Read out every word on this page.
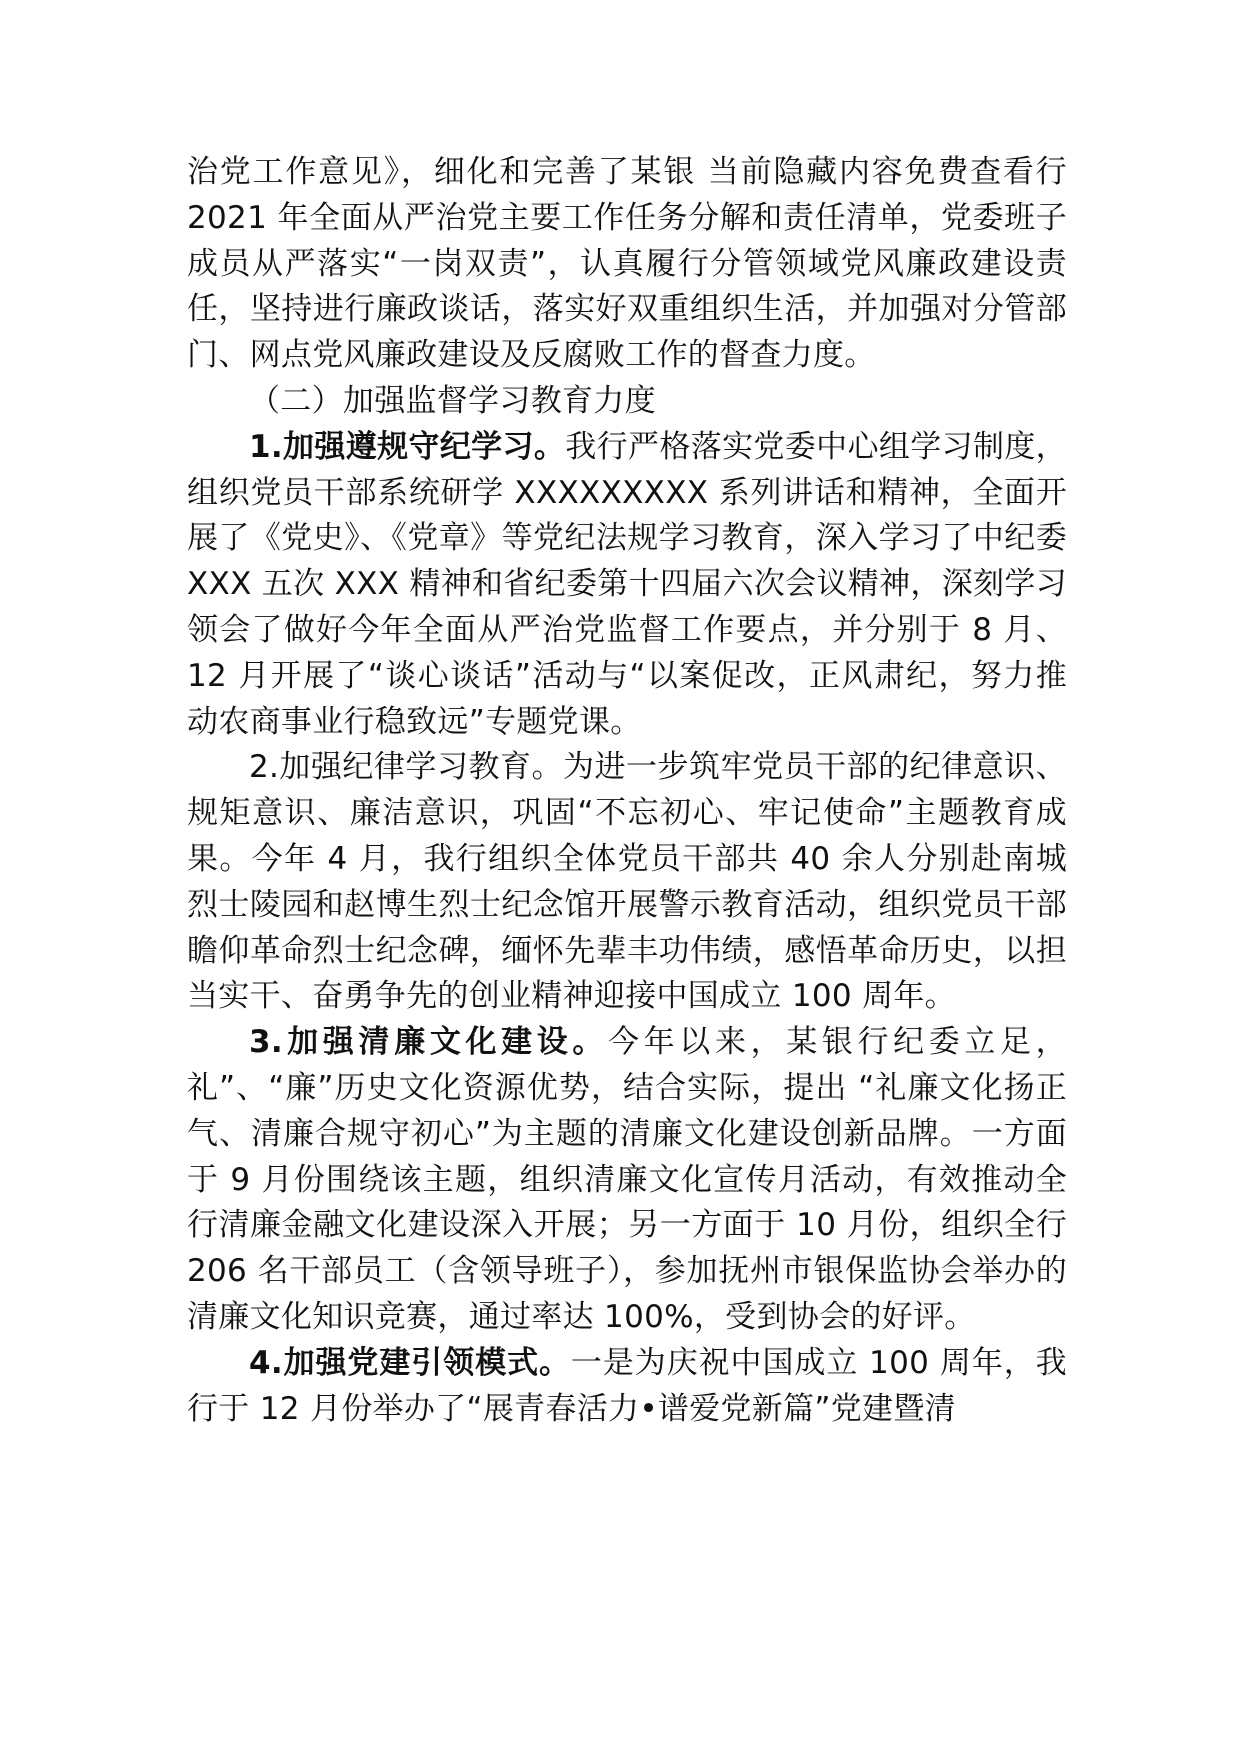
治党工作意见》，细化和完善了某银 当前隐藏内容免费查看行 2021 年全面从严治党主要工作任务分解和责任清单，党委班子成员从严落实“一岗双责”，认真履行分管领域党风廉政建设责任，坚持进行廉政谈话，落实好双重组织生活，并加强对分管部门、网点党风廉政建设及反腐败工作的督查力度。

（二）加强监督学习教育力度

1.加强遵规守纪学习。我行严格落实党委中心组学习制度，组织党员干部系统研学 XXXXXXXXX 系列讲话和精神，全面开展了《党史》、《党章》等党纪法规学习教育，深入学习了中纪委 XXX 五次 XXX 精神和省纪委第十四届六次会议精神，深刻学习领会了做好今年全面从严治党监督工作要点，并分别于 8 月、12 月开展了“谈心谈话”活动与“以案促改，正风肃纪，努力推动农商事业行稳致远”专题党课。

2.加强纪律学习教育。为进一步筑牢党员干部的纪律意识、规矩意识、廉洁意识，巩固“不忘初心、牢记使命”主题教育成果。今年 4 月，我行组织全体党员干部共 40 余人分别赴南城烈士陵园和赵博生烈士纪念馆开展警示教育活动，组织党员干部瞻仰革命烈士纪念碑，缅怀先辈丰功伟绩，感悟革命历史，以担当实干、奋勇争先的创业精神迎接中国成立 100 周年。

3.加强清廉文化建设。今年以来，某银行纪委立足，礼”、“廉”历史文化资源优势，结合实际，提出 “礼廉文化扬正气、清廉合规守初心”为主题的清廉文化建设创新品牌。一方面于 9 月份围绕该主题，组织清廉文化宣传月活动，有效推动全行清廉金融文化建设深入开展；另一方面于 10 月份，组织全行 206 名干部员工（含领导班子），参加抚州市银保监协会举办的清廉文化知识竞赛，通过率达 100%，受到协会的好评。

4.加强党建引领模式。一是为庆祝中国成立 100 周年，我行于 12 月份举办了“展青春活力•谱爱党新篇”党建暨清
